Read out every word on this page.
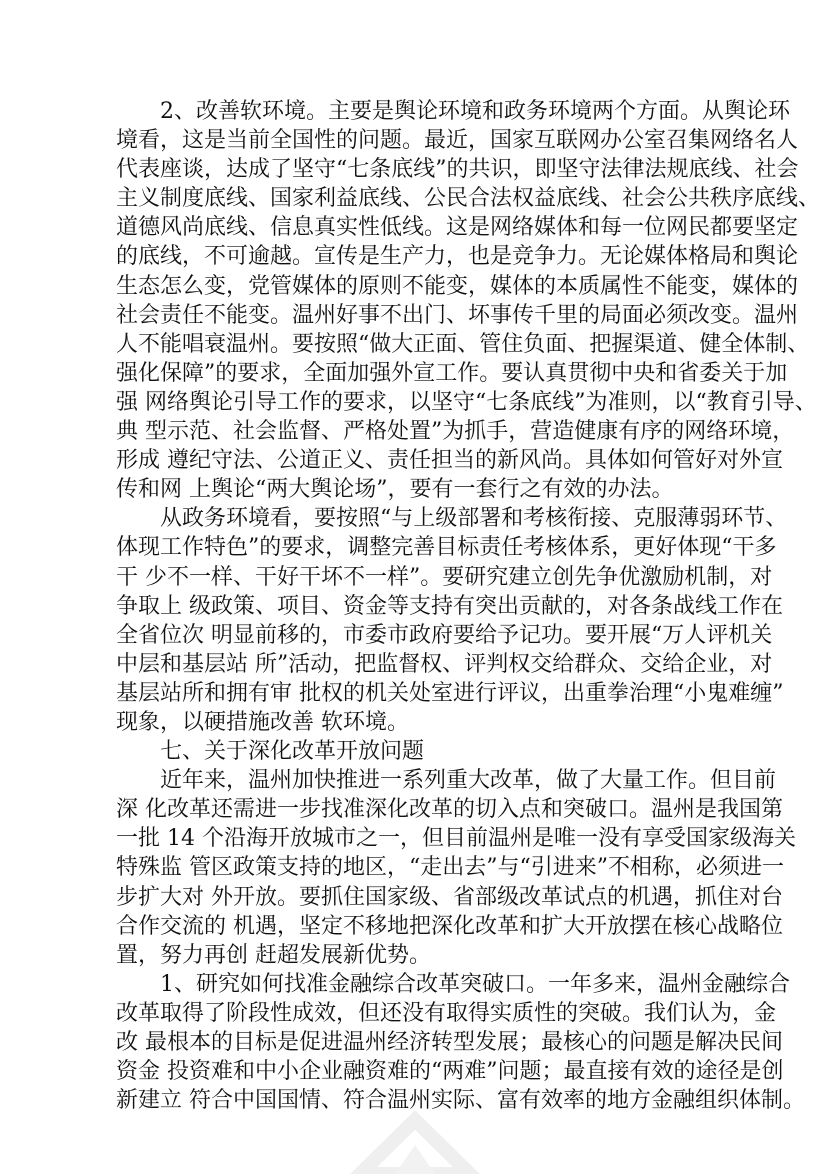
2、改善软环境。主要是舆论环境和政务环境两个方面。从舆论环
境看，这是当前全国性的问题。最近，国家互联网办公室召集网络名人
代表座谈，达成了坚守“七条底线”的共识，即坚守法律法规底线、社会
主义制度底线、国家利益底线、公民合法权益底线、社会公共秩序底线、
道德风尚底线、信息真实性低线。这是网络媒体和每一位网民都要坚定
的底线，不可逾越。宣传是生产力，也是竞争力。无论媒体格局和舆论
生态怎么变，党管媒体的原则不能变，媒体的本质属性不能变，媒体的
社会责任不能变。温州好事不出门、坏事传千里的局面必须改变。温州
人不能唱衰温州。要按照“做大正面、管住负面、把握渠道、健全体制、
强化保障”的要求，全面加强外宣工作。要认真贯彻中央和省委关于加
强 网络舆论引导工作的要求，以坚守“七条底线”为准则，以“教育引导、
典 型示范、社会监督、严格处置”为抓手，营造健康有序的网络环境，
形成 遵纪守法、公道正义、责任担当的新风尚。具体如何管好对外宣
传和网 上舆论“两大舆论场”，要有一套行之有效的办法。
从政务环境看，要按照“与上级部署和考核衔接、克服薄弱环节、
体现工作特色”的要求，调整完善目标责任考核体系，更好体现“干多
干 少不一样、干好干坏不一样”。要研究建立创先争优激励机制，对
争取上 级政策、项目、资金等支持有突出贡献的，对各条战线工作在
全省位次 明显前移的，市委市政府要给予记功。要开展“万人评机关
中层和基层站 所”活动，把监督权、评判权交给群众、交给企业，对
基层站所和拥有审 批权的机关处室进行评议，出重拳治理“小鬼难缠”
现象，以硬措施改善 软环境。
七、关于深化改革开放问题
近年来，温州加快推进一系列重大改革，做了大量工作。但目前
深 化改革还需进一步找准深化改革的切入点和突破口。温州是我国第
一批 14 个沿海开放城市之一，但目前温州是唯一没有享受国家级海关
特殊监 管区政策支持的地区，“走出去”与“引进来”不相称，必须进一
步扩大对 外开放。要抓住国家级、省部级改革试点的机遇，抓住对台
合作交流的 机遇，坚定不移地把深化改革和扩大开放摆在核心战略位
置，努力再创 赶超发展新优势。
1、研究如何找准金融综合改革突破口。一年多来，温州金融综合
改革取得了阶段性成效，但还没有取得实质性的突破。我们认为，金
改 最根本的目标是促进温州经济转型发展；最核心的问题是解决民间
资金 投资难和中小企业融资难的“两难”问题；最直接有效的途径是创
新建立 符合中国国情、符合温州实际、富有效率的地方金融组织体制。
